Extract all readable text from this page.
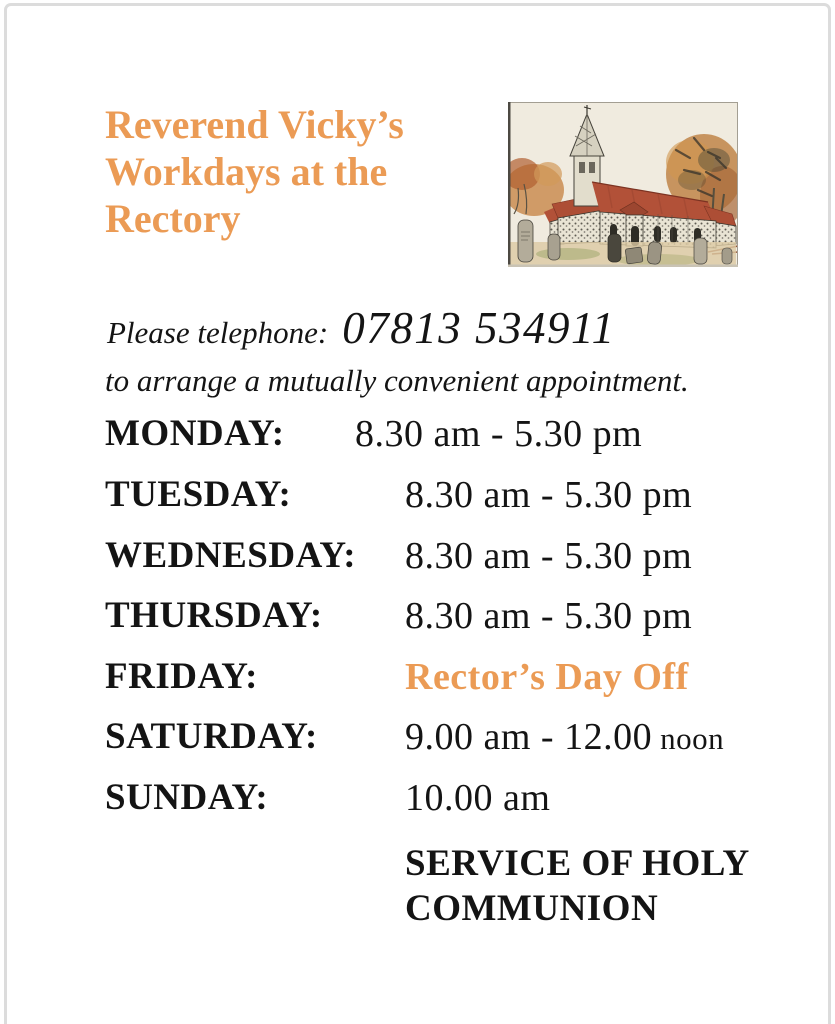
Reverend Vicky’s
Workdays at the
Rectory
Please telephone: 07813 534911
to arrange a mutually convenient appointment.
MONDAY: 8.30 am - 5.30 pm
TUESDAY:	8.30 am - 5.30 pm
WEDNESDAY: 8.30 am - 5.30 pm
THURSDAY: 8.30 am - 5.30 pm
FRIDAY:	Rector’s Day Off
SATURDAY: 9.00 am - 12.00 noon
SUNDAY:	10.00 am
SERVICE OF HOLY
COMMUNION
